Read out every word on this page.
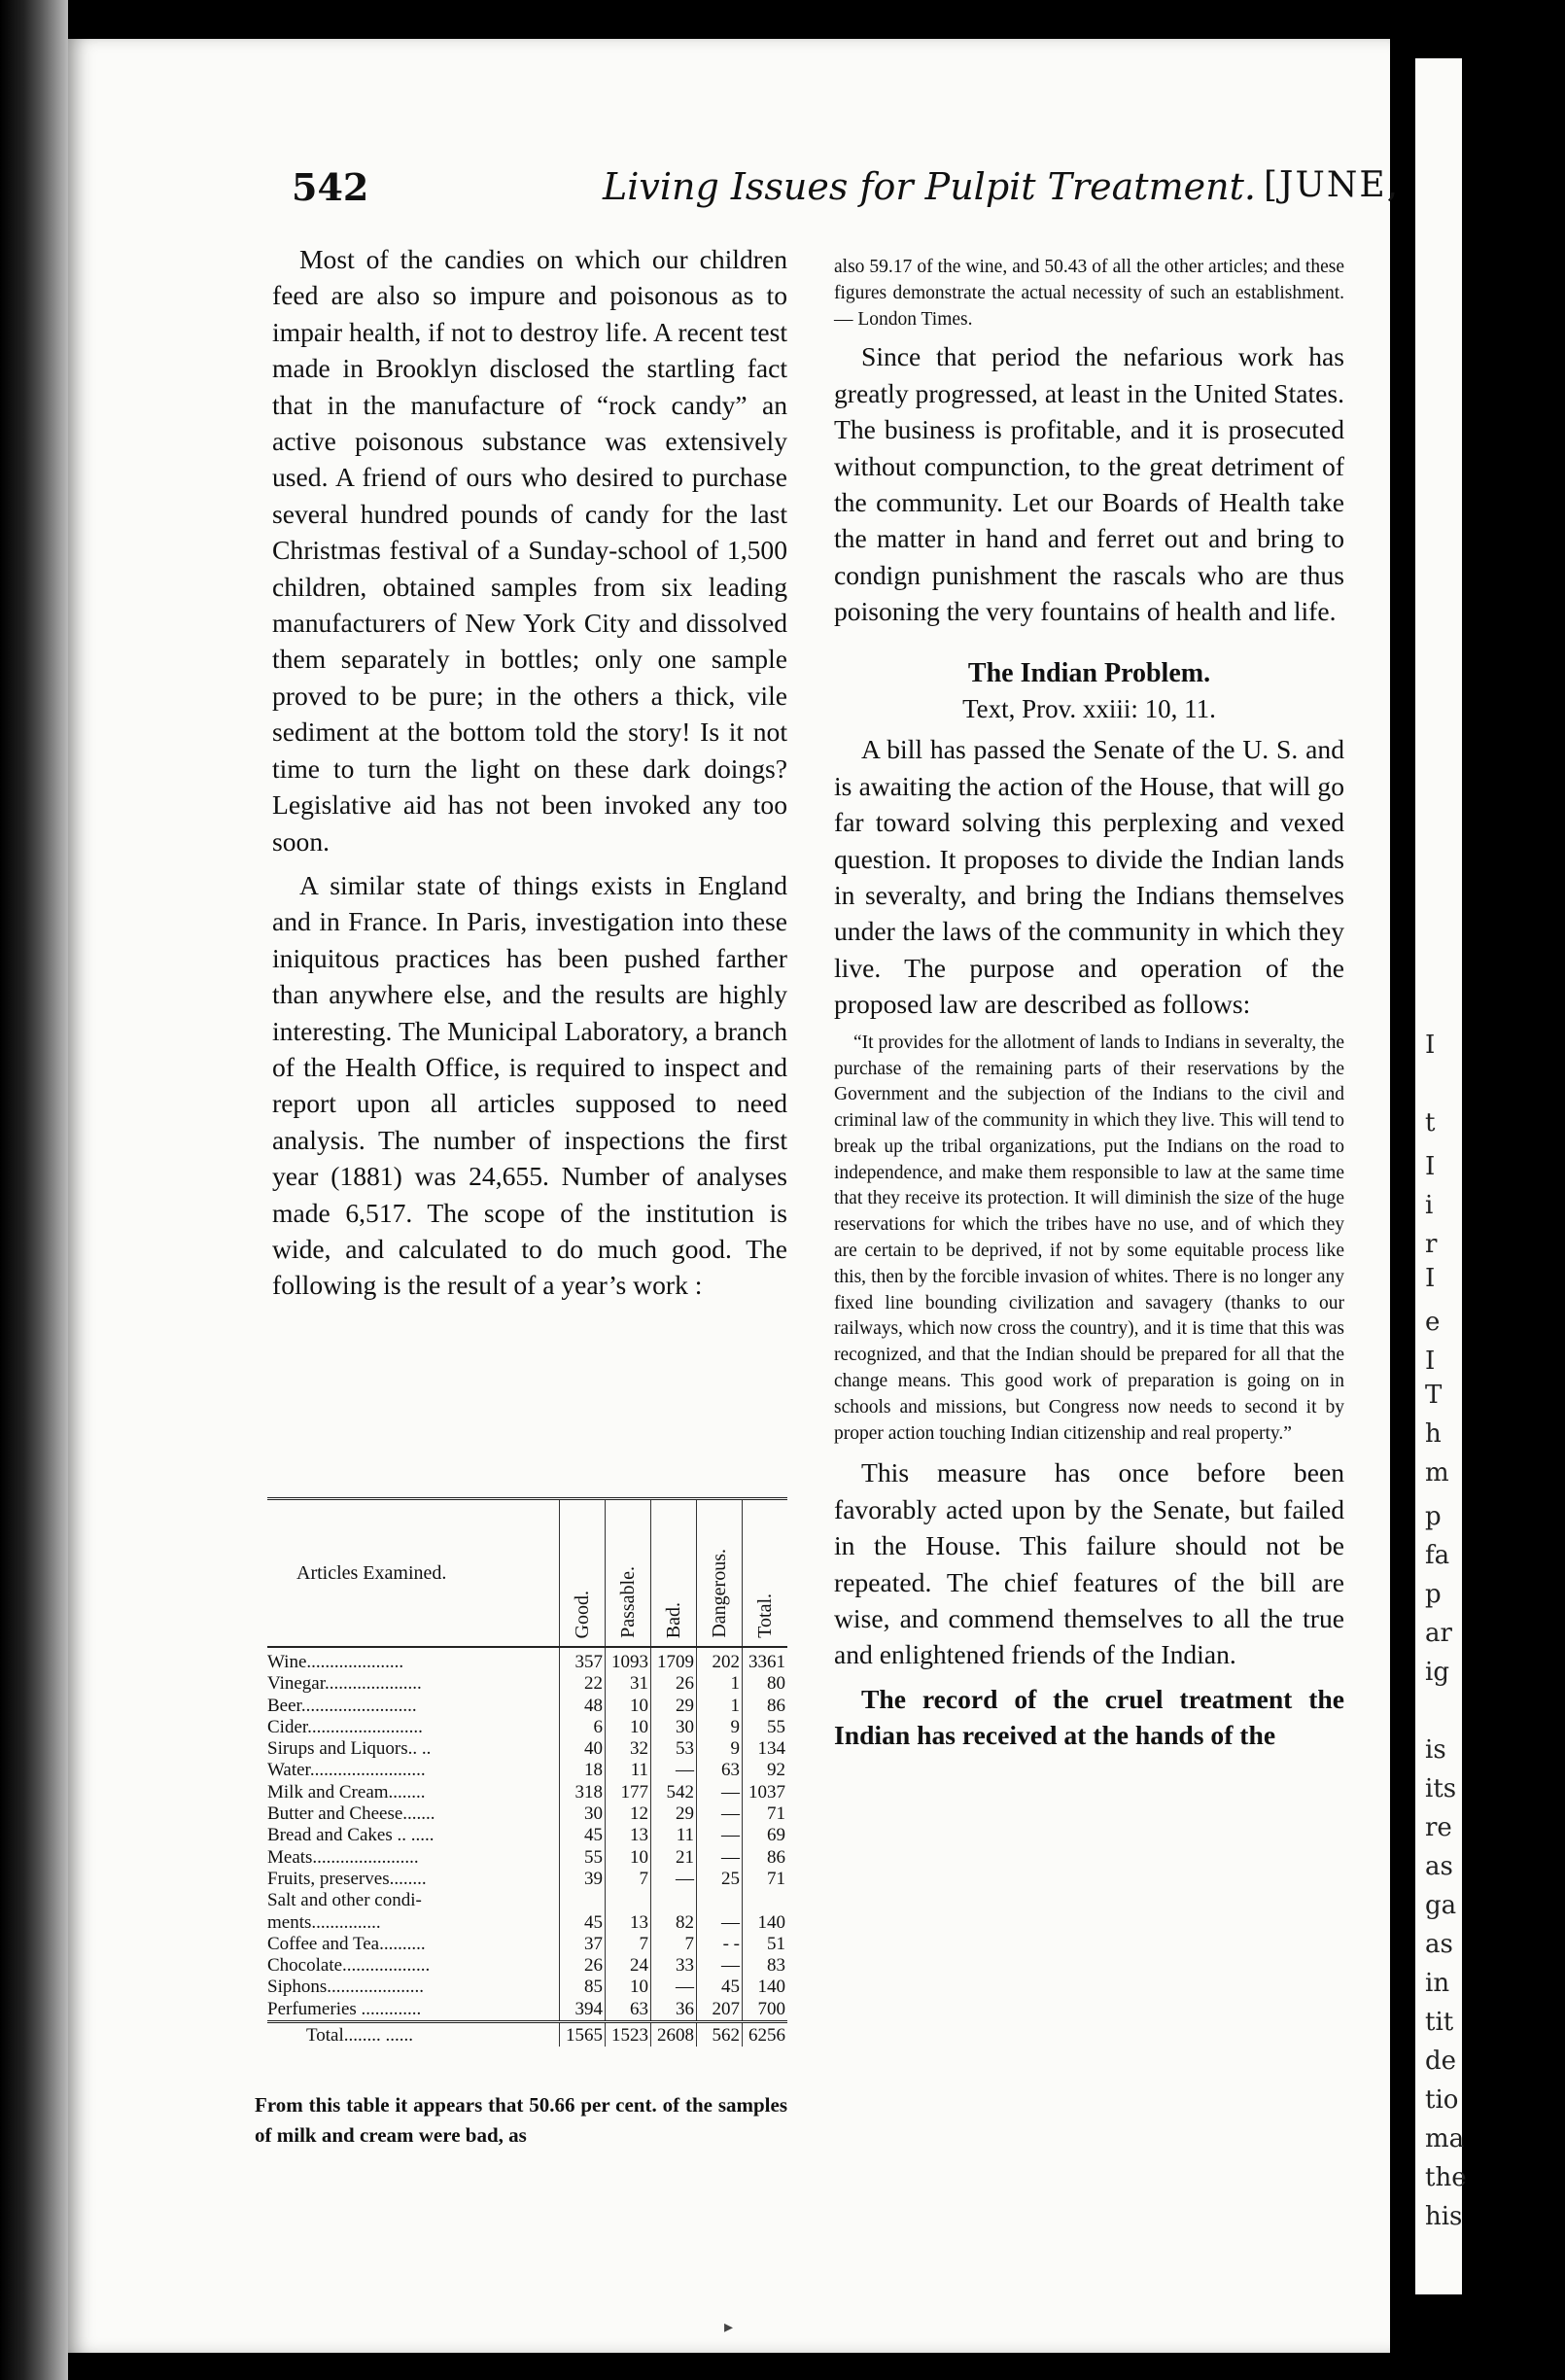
I
t
I
i
r
I
e
I
T
h
m
p
fa
p
ar
ig
is
its
re
as
ga
as
in
tit
de
tio
ma
the
his
542	Living Issues for Pulpit Treatment. [JUNE,

Most of the candies on which our children feed are also so impure and poisonous as to impair health, if not to destroy life. A recent test made in Brooklyn disclosed the startling fact that in the manufacture of “rock candy” an active poisonous substance was extensively used. A friend of ours who desired to purchase several hundred pounds of candy for the last Christmas festival of a Sunday-school of 1,500 children, obtained samples from six leading manufacturers of New York City and dissolved them separately in bottles; only one sample proved to be pure; in the others a thick, vile sediment at the bottom told the story! Is it not time to turn the light on these dark doings? Legislative aid has not been invoked any too soon.

A similar state of things exists in England and in France. In Paris, investigation into these iniquitous practices has been pushed farther than anywhere else, and the results are highly interesting. The Municipal Laboratory, a branch of the Health Office, is required to inspect and report upon all articles supposed to need analysis. The number of inspections the first year (1881) was 24,655. Number of analyses made 6,517. The scope of the institution is wide, and calculated to do much good. The following is the result of a year’s work :

Articles Examined.	Good.	Passable.	Bad.	Dangerous.	Total.

Wine.....................	357	1093	1709	202	3361
Vinegar.....................	22	31	26	1	80
Beer.........................	48	10	29	1	86
Cider.........................	6	10	30	9	55
Sirups and Liquors.. ..	40	32	53	9	134
Water.........................	18	11	—	63	92
Milk and Cream........	318	177	542	—	1037
Butter and Cheese.......	30	12	29	—	71
Bread and Cakes .. .....	45	13	11	—	69
Meats.......................	55	10	21	—	86
Fruits, preserves........	39	7	—	25	71
Salt and other condi-					
ments...............	45	13	82	—	140
Coffee and Tea..........	37	7	7	- -	51
Chocolate...................	26	24	33	—	83
Siphons.....................	85	10	—	45	140
Perfumeries .............	394	63	36	207	700
Total........ ......	1565	1523	2608	562	6256
From this table it appears that 50.66 per cent. of the samples of milk and cream were bad, as

also 59.17 of the wine, and 50.43 of all the other articles; and these figures demonstrate the actual necessity of such an establishment.— London Times.

Since that period the nefarious work has greatly progressed, at least in the United States. The business is profitable, and it is prosecuted without compunction, to the great detriment of the community. Let our Boards of Health take the matter in hand and ferret out and bring to condign punishment the rascals who are thus poisoning the very fountains of health and life.

The Indian Problem.
Text, Prov. xxiii: 10, 11.

A bill has passed the Senate of the U. S. and is awaiting the action of the House, that will go far toward solving this perplexing and vexed question. It proposes to divide the Indian lands in severalty, and bring the Indians themselves under the laws of the community in which they live. The purpose and operation of the proposed law are described as follows:

“It provides for the allotment of lands to Indians in severalty, the purchase of the remaining parts of their reservations by the Government and the subjection of the Indians to the civil and criminal law of the community in which they live. This will tend to break up the tribal organizations, put the Indians on the road to independence, and make them responsible to law at the same time that they receive its protection. It will diminish the size of the huge reservations for which the tribes have no use, and of which they are certain to be deprived, if not by some equitable process like this, then by the forcible invasion of whites. There is no longer any fixed line bounding civilization and savagery (thanks to our railways, which now cross the country), and it is time that this was recognized, and that the Indian should be prepared for all that the change means. This good work of preparation is going on in schools and missions, but Congress now needs to second it by proper action touching Indian citizenship and real property.”

This measure has once before been favorably acted upon by the Senate, but failed in the House. This failure should not be repeated. The chief features of the bill are wise, and commend themselves to all the true and enlightened friends of the Indian.

The record of the cruel treatment the Indian has received at the hands of the

▸
